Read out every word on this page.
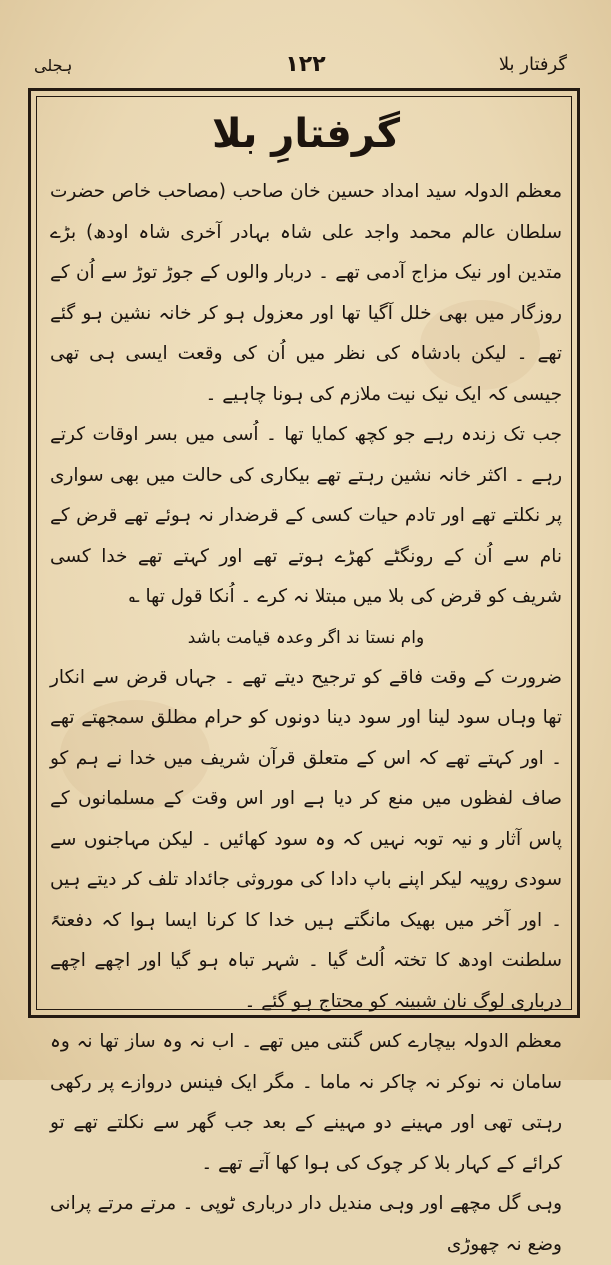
گرفتار بلا
۱۲۲
ہجلی
گرفتارِ بلا

معظم الدولہ سید امداد حسین خان صاحب (مصاحب خاص حضرت سلطان عالم محمد واجد علی شاہ بہادر آخری شاہ اودھ) بڑے متدین اور نیک مزاج آدمی تھے ۔ دربار والوں کے جوڑ توڑ سے اُن کے روزگار میں بھی خلل آگیا تھا اور معزول ہو کر خانہ نشین ہو گئے تھے ۔ لیکن بادشاہ کی نظر میں اُن کی وقعت ایسی ہی تھی جیسی کہ ایک نیک نیت ملازم کی ہونا چاہیے ۔

جب تک زندہ رہے جو کچھ کمایا تھا ۔ اُسی میں بسر اوقات کرتے رہے ۔ اکثر خانہ نشین رہتے تھے بیکاری کی حالت میں بھی سواری پر نکلتے تھے اور تادم حیات کسی کے قرضدار نہ ہوئے تھے قرض کے نام سے اُن کے رونگٹے کھڑے ہوتے تھے اور کہتے تھے خدا کسی شریف کو قرض کی بلا میں مبتلا نہ کرے ۔ اُنکا قول تھا ؎

وام نستا ند اگر وعدہ قیامت باشد

ضرورت کے وقت فاقے کو ترجیح دیتے تھے ۔ جہاں قرض سے انکار تھا وہاں سود لینا اور سود دینا دونوں کو حرام مطلق سمجھتے تھے ۔ اور کہتے تھے کہ اس کے متعلق قرآن شریف میں خدا نے ہم کو صاف لفظوں میں منع کر دیا ہے اور اس وقت کے مسلمانوں کے پاس آثار و نیہ توبہ نہیں کہ وہ سود کھائیں ۔ لیکن مہاجنوں سے سودی روپیہ لیکر اپنے باپ دادا کی موروثی جائداد تلف کر دیتے ہیں ۔ اور آخر میں بھیک مانگتے ہیں خدا کا کرنا ایسا ہوا کہ دفعتہً سلطنت اودھ کا تختہ اُلٹ گیا ۔ شہر تباہ ہو گیا اور اچھے اچھے درباری لوگ نان شبینہ کو محتاج ہو گئے ۔

معظم الدولہ بیچارے کس گنتی میں تھے ۔ اب نہ وہ ساز تھا نہ وہ سامان نہ نوکر نہ چاکر نہ ماما ۔ مگر ایک فینس دروازے پر رکھی رہتی تھی اور مہینے دو مہینے کے بعد جب گھر سے نکلتے تھے تو کرائے کے کہار بلا کر چوک کی ہوا کھا آتے تھے ۔

وہی گل مچھے اور وہی مندیل دار درباری ٹوپی ۔ مرتے مرتے پرانی وضع نہ چھوڑی
